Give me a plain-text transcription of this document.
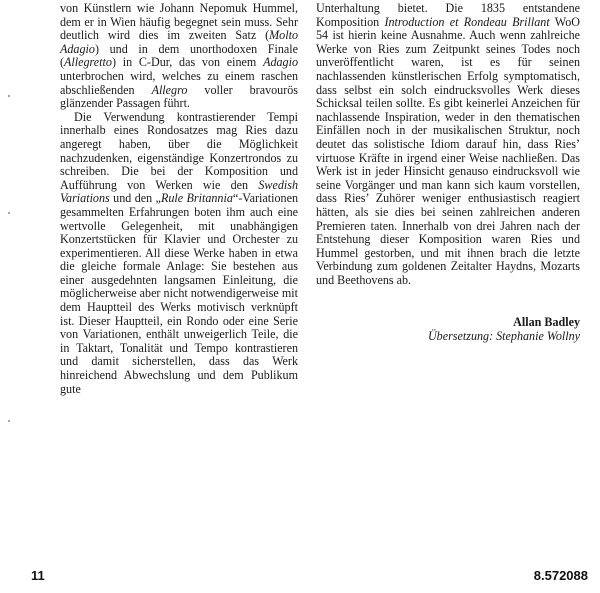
von Künstlern wie Johann Nepomuk Hummel, dem er in Wien häufig begegnet sein muss. Sehr deutlich wird dies im zweiten Satz (Molto Adagio) und in dem unorthodoxen Finale (Allegretto) in C-Dur, das von einem Adagio unterbrochen wird, welches zu einem raschen abschließenden Allegro voller bravourös glänzender Passagen führt.

Die Verwendung kontrastierender Tempi innerhalb eines Rondosatzes mag Ries dazu angeregt haben, über die Möglichkeit nachzudenken, eigenständige Konzertrondos zu schreiben. Die bei der Komposition und Aufführung von Werken wie den Swedish Variations und den „Rule Britannia“-Variationen gesammelten Erfahrungen boten ihm auch eine wertvolle Gelegenheit, mit unabhängigen Konzertstücken für Klavier und Orchester zu experimentieren. All diese Werke haben in etwa die gleiche formale Anlage: Sie bestehen aus einer ausgedehnten langsamen Einleitung, die möglicherweise aber nicht notwendigerweise mit dem Hauptteil des Werks motivisch verknüpft ist. Dieser Hauptteil, ein Rondo oder eine Serie von Variationen, enthält unweigerlich Teile, die in Taktart, Tonalität und Tempo kontrastieren und damit sicherstellen, dass das Werk hinreichend Abwechslung und dem Publikum gute

Unterhaltung bietet. Die 1835 entstandene Komposition Introduction et Rondeau Brillant WoO 54 ist hierin keine Ausnahme. Auch wenn zahlreiche Werke von Ries zum Zeitpunkt seines Todes noch unveröffentlicht waren, ist es für seinen nachlassenden künstlerischen Erfolg symptomatisch, dass selbst ein solch eindrucksvolles Werk dieses Schicksal teilen sollte. Es gibt keinerlei Anzeichen für nachlassende Inspiration, weder in den thematischen Einfällen noch in der musikalischen Struktur, noch deutet das solistische Idiom darauf hin, dass Ries’ virtuose Kräfte in irgend einer Weise nachließen. Das Werk ist in jeder Hinsicht genauso eindrucksvoll wie seine Vorgänger und man kann sich kaum vorstellen, dass Ries’ Zuhörer weniger enthusiastisch reagiert hätten, als sie dies bei seinen zahlreichen anderen Premieren taten. Innerhalb von drei Jahren nach der Entstehung dieser Komposition waren Ries und Hummel gestorben, und mit ihnen brach die letzte Verbindung zum goldenen Zeitalter Haydns, Mozarts und Beethovens ab.

Allan Badley
Übersetzung: Stephanie Wollny
11	8.572088
